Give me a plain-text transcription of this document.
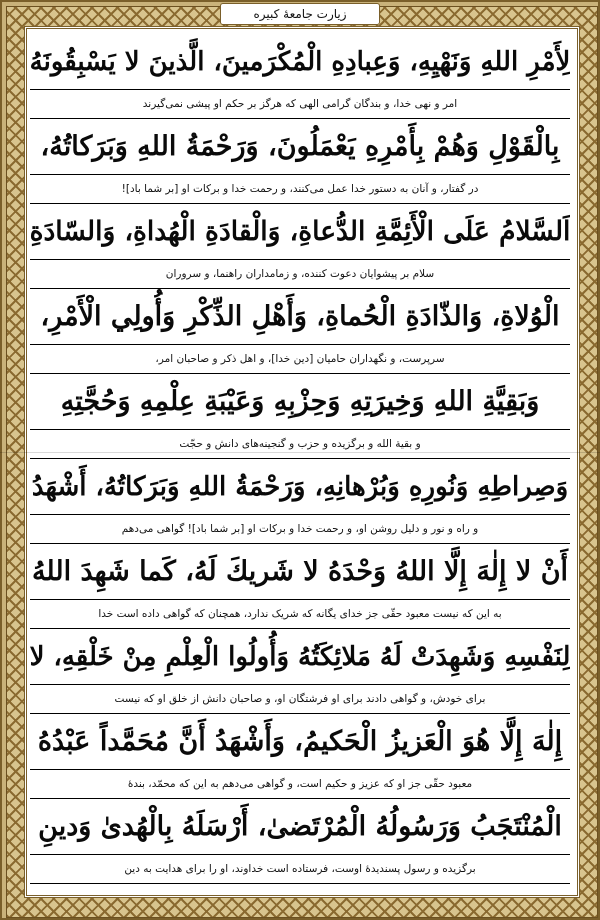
زیارت جامعهٔ کبیره
لِأَمْرِ اللهِ وَنَهْيِهِ، وَعِبادِهِ الْمُكْرَمينَ، الَّذينَ لا يَسْبِقُونَهُ
امر و نهی خدا، و بندگان گرامی الهی که هرگز بر حکم او پیشی نمی‌گیرند
بِالْقَوْلِ وَهُمْ بِأَمْرِهِ يَعْمَلُونَ، وَرَحْمَةُ اللهِ وَبَرَكاتُهُ،
در گفتار، و آنان به دستور خدا عمل می‌کنند، و رحمت خدا و برکات او [بر شما باد]!
اَلسَّلامُ عَلَى الْأَئِمَّةِ الدُّعاةِ، وَالْقادَةِ الْهُداةِ، وَالسّادَةِ
سلام بر پیشوایان دعوت کننده، و زمامداران راهنما، و سروران
الْوُلاةِ، وَالذّادَةِ الْحُماةِ، وَأَهْلِ الذِّكْرِ وَأُولِي الْأَمْرِ،
سرپرست، و نگهداران حامیان [دین خدا]، و اهل ذکر و صاحبان امر،
وَبَقِيَّةِ اللهِ وَخِيرَتِهِ وَحِزْبِهِ وَعَيْبَةِ عِلْمِهِ وَحُجَّتِهِ
و بقیة الله و برگزیده و حزب و گنجینه‌های دانش و حجّت
وَصِراطِهِ وَنُورِهِ وَبُرْهانِهِ، وَرَحْمَةُ اللهِ وَبَرَكاتُهُ، أَشْهَدُ
و راه و نور و دلیل روشن او، و رحمت خدا و برکات او [بر شما باد]! گواهی می‌دهم
أَنْ لا إِلٰهَ إِلَّا اللهُ وَحْدَهُ لا شَريكَ لَهُ، كَما شَهِدَ اللهُ
به این که نیست معبود حقّی جز خدای یگانه که شریک ندارد، همچنان که گواهی داده است خدا
لِنَفْسِهِ وَشَهِدَتْ لَهُ مَلائِكَتُهُ وَأُولُوا الْعِلْمِ مِنْ خَلْقِهِ، لا
برای خودش، و گواهی دادند برای او فرشتگان او، و صاحبان دانش از خلق او که نیست
إِلٰهَ إِلَّا هُوَ الْعَزيزُ الْحَكيمُ، وَأَشْهَدُ أَنَّ مُحَمَّداً عَبْدُهُ
معبود حقّی جز او که عزیز و حکیم است، و گواهی می‌دهم به این که محمّد، بندهٔ
الْمُنْتَجَبُ وَرَسُولُهُ الْمُرْتَضىٰ، أَرْسَلَهُ بِالْهُدىٰ وَدينِ
برگزیده و رسول پسندیدهٔ اوست، فرستاده است خداوند، او را برای هدایت به دین
